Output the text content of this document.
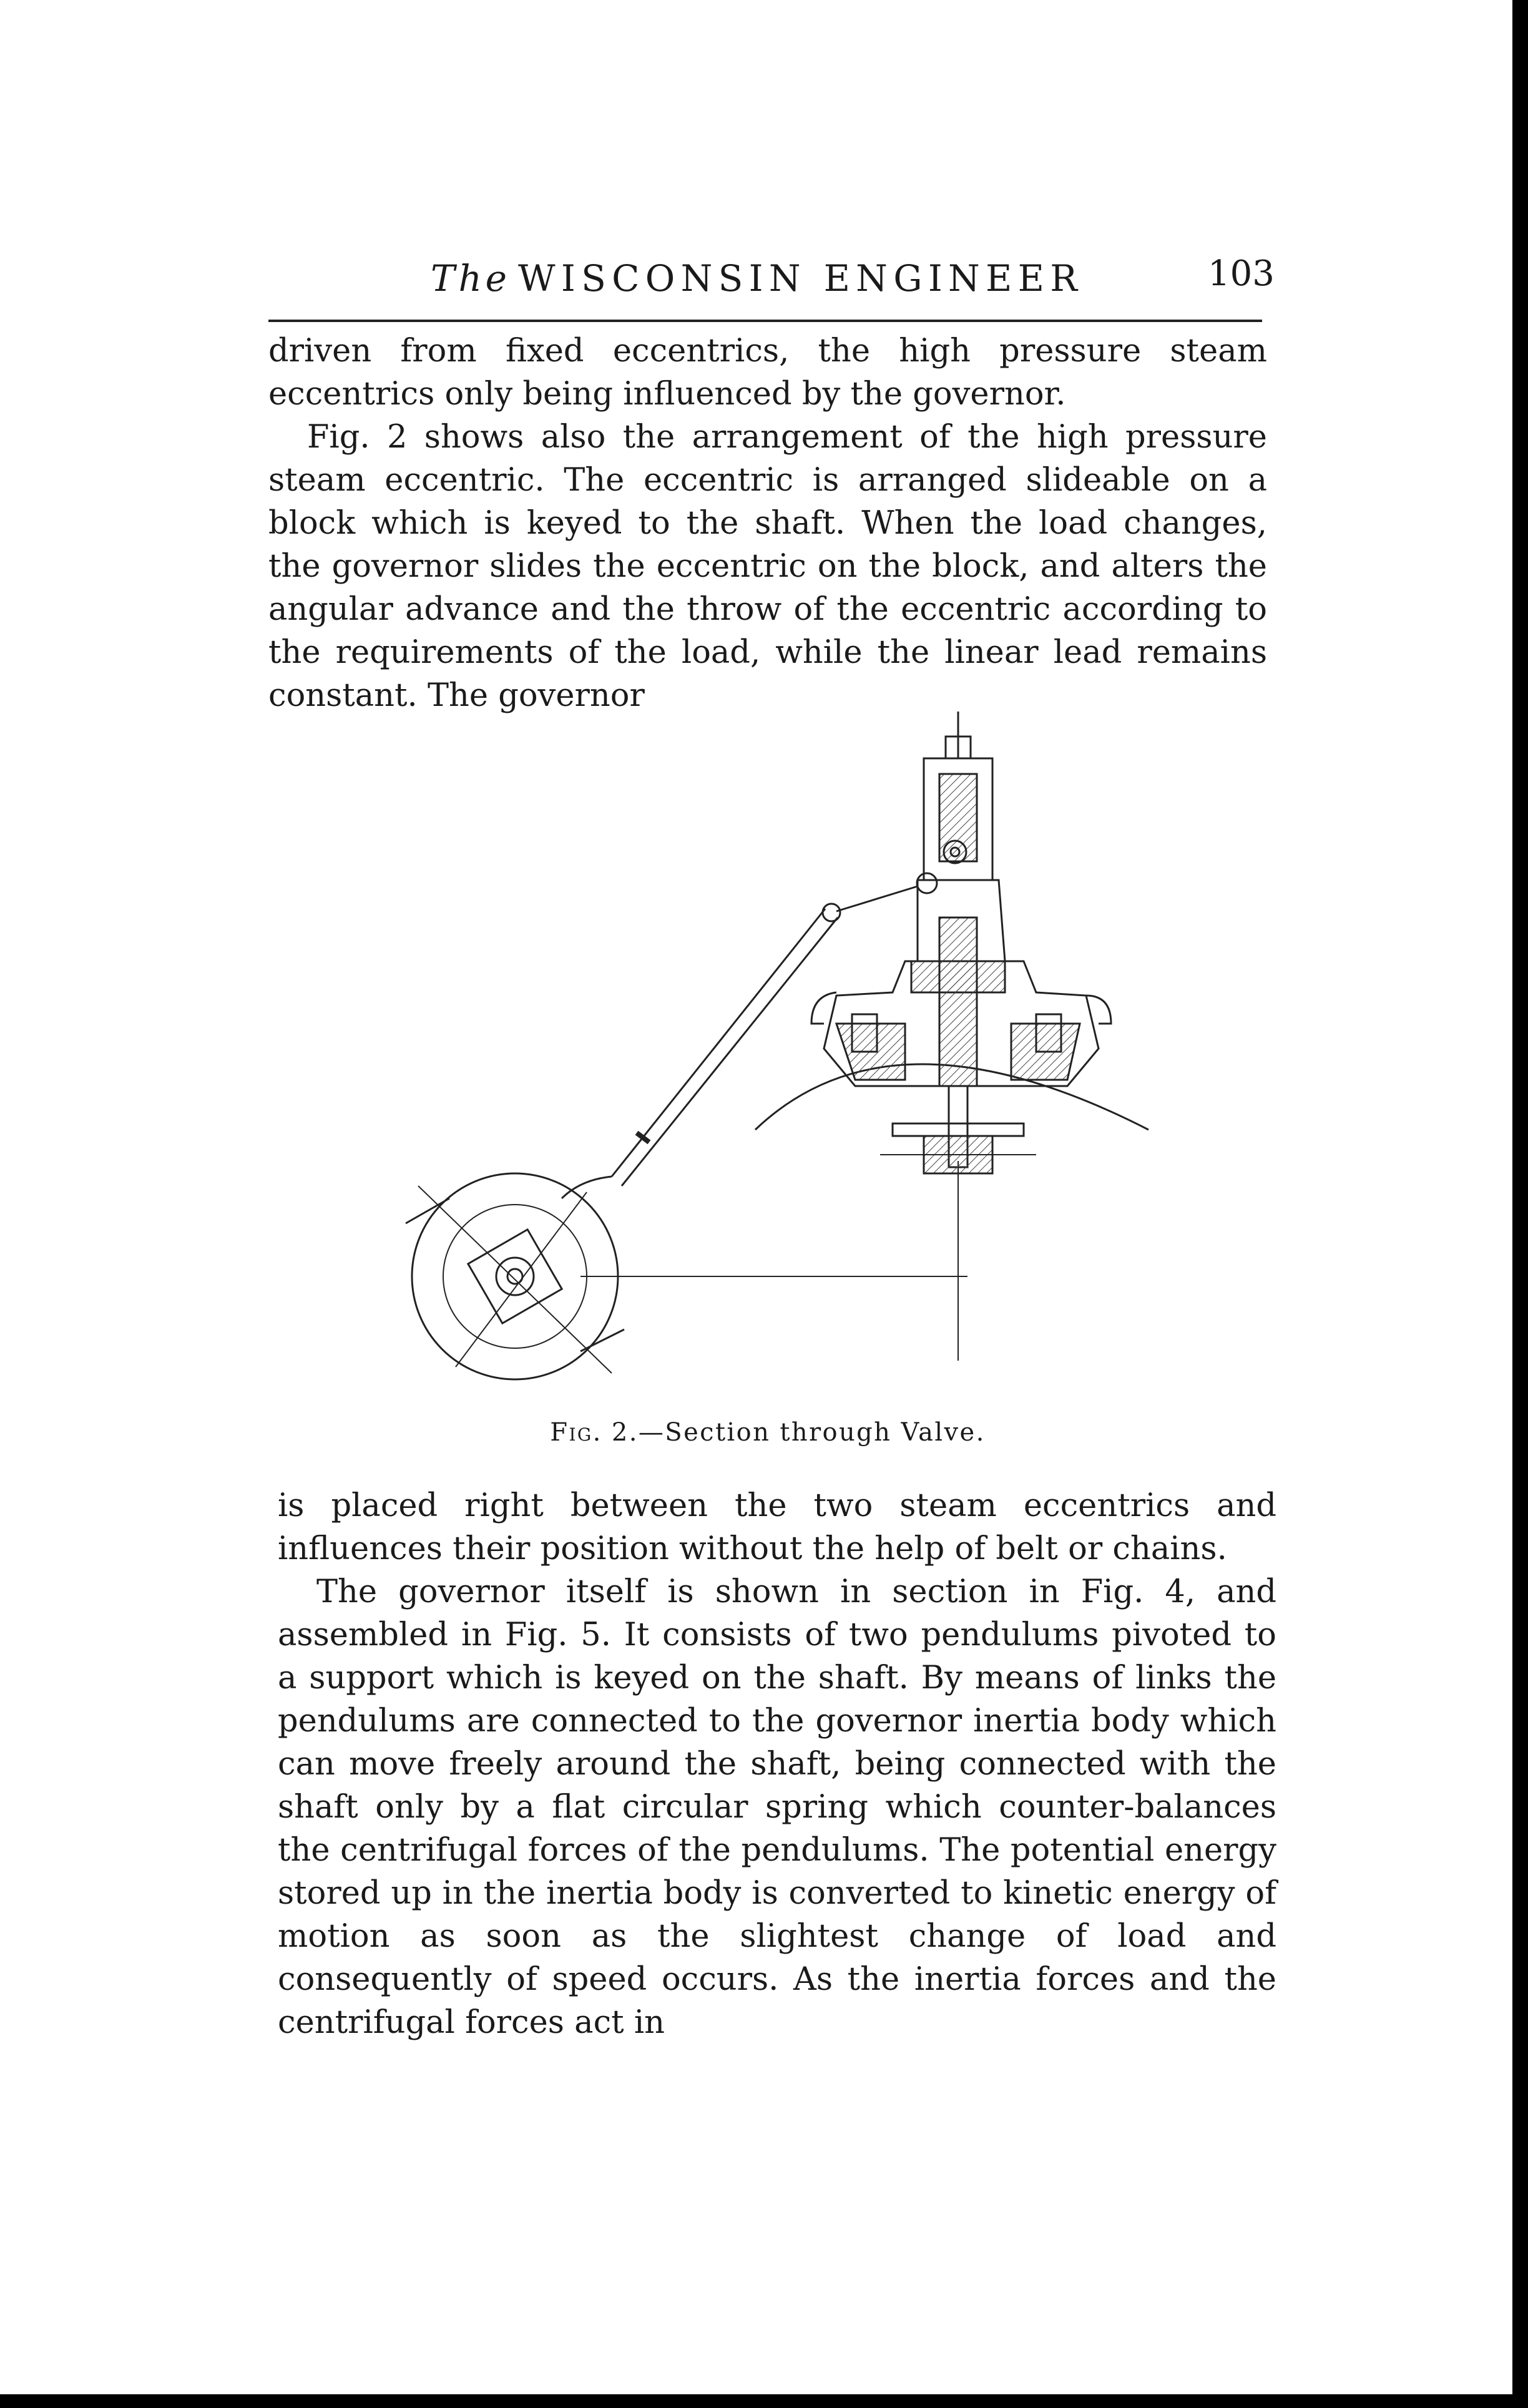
The WISCONSIN ENGINEER	103

driven from fixed eccentrics, the high pressure steam eccentrics only being influenced by the governor.

Fig. 2 shows also the arrangement of the high pressure steam eccentric. The eccentric is arranged slideable on a block which is keyed to the shaft. When the load changes, the governor slides the eccentric on the block, and alters the angular advance and the throw of the eccentric according to the requirements of the load, while the linear lead remains constant. The governor

Fig. 2.—Section through Valve.

is placed right between the two steam eccentrics and influences their position without the help of belt or chains.

The governor itself is shown in section in Fig. 4, and assembled in Fig. 5. It consists of two pendulums pivoted to a support which is keyed on the shaft. By means of links the pendulums are connected to the governor inertia body which can move freely around the shaft, being connected with the shaft only by a flat circular spring which counter-balances the centrifugal forces of the pendulums. The potential energy stored up in the inertia body is converted to kinetic energy of motion as soon as the slightest change of load and consequently of speed occurs. As the inertia forces and the centrifugal forces act in
